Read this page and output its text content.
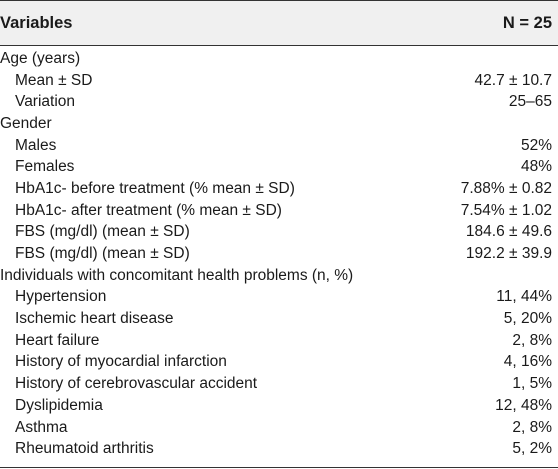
Variables	N = 25
Age (years)
Mean ± SD	42.7 ± 10.7
Variation	25–65
Gender
Males	52%
Females	48%
HbA1c- before treatment (% mean ± SD)	7.88% ± 0.82
HbA1c- after treatment (% mean ± SD)	7.54% ± 1.02
FBS (mg/dl) (mean ± SD)	184.6 ± 49.6
FBS (mg/dl) (mean ± SD)	192.2 ± 39.9
Individuals with concomitant health problems (n, %)
Hypertension	11, 44%
Ischemic heart disease	5, 20%
Heart failure	2, 8%
History of myocardial infarction	4, 16%
History of cerebrovascular accident	1, 5%
Dyslipidemia	12, 48%
Asthma	2, 8%
Rheumatoid arthritis	5, 2%
